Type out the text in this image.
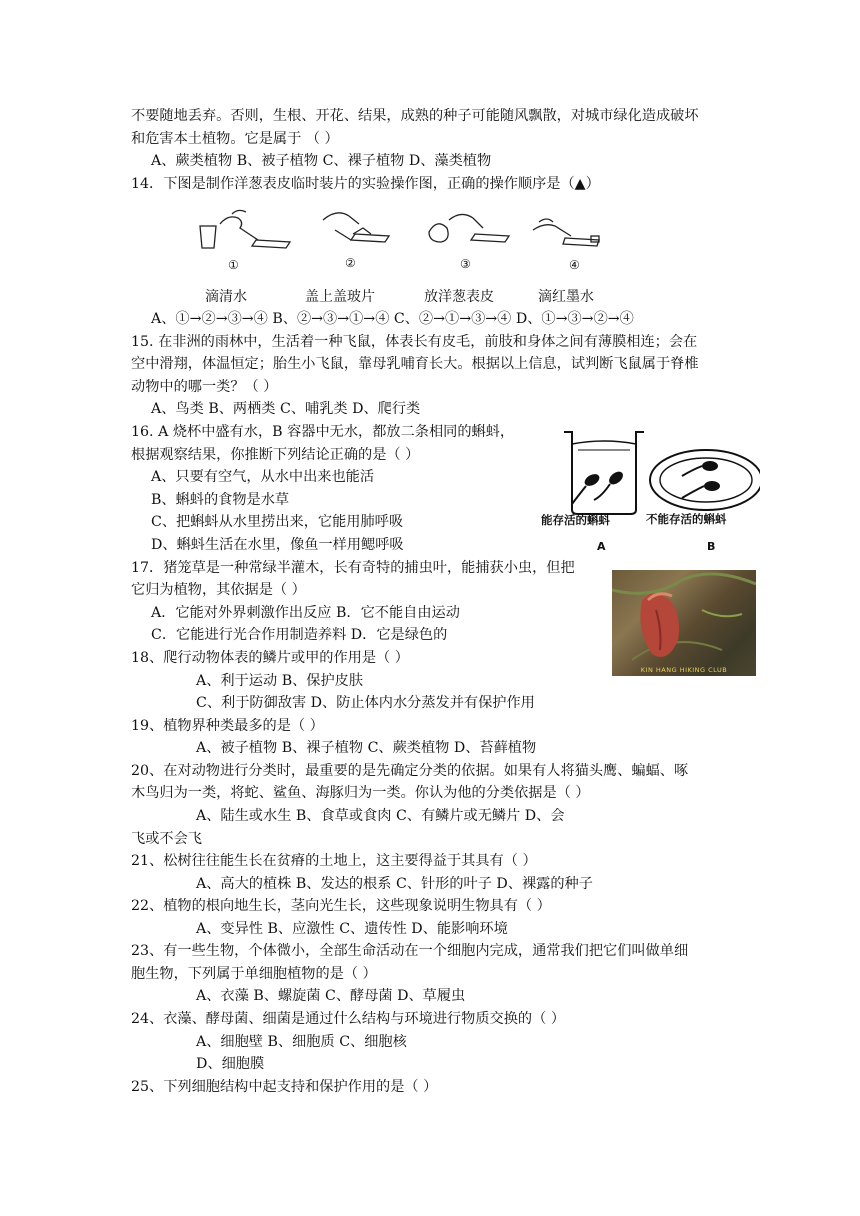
不要随地丢弃。否则，生根、开花、结果，成熟的种子可能随风飘散，对城市绿化造成破坏
和危害本土植物。它是属于 （ ）
A、蕨类植物 B、被子植物 C、裸子植物 D、藻类植物
14．下图是制作洋葱表皮临时装片的实验操作图，正确的操作顺序是（▲）
①	②	③	④
滴清水	盖上盖玻片	放洋葱表皮	滴红墨水
A、①→②→③→④ B、②→③→①→④ C、②→①→③→④ D、①→③→②→④
15. 在非洲的雨林中，生活着一种飞鼠，体表长有皮毛，前肢和身体之间有薄膜相连；会在
空中滑翔，体温恒定；胎生小飞鼠，靠母乳哺育长大。根据以上信息，试判断飞鼠属于脊椎
动物中的哪一类？（ ）
A、鸟类 B、两栖类 C、哺乳类 D、爬行类
16. A 烧杯中盛有水，B 容器中无水，都放二条相同的蝌蚪，
根据观察结果，你推断下列结论正确的是（ ）
A、只要有空气，从水中出来也能活
B、蝌蚪的食物是水草
C、把蝌蚪从水里捞出来，它能用肺呼吸
D、蝌蚪生活在水里，像鱼一样用鳃呼吸
能存活的蝌蚪	不能存活的蝌蚪
A	B
17．猪笼草是一种常绿半灌木，长有奇特的捕虫叶，能捕获小虫，但把
它归为植物，其依据是（ ）
A．它能对外界刺激作出反应 B．它不能自由运动
C．它能进行光合作用制造养料 D．它是绿色的
KIN HANG HIKING CLUB
18、爬行动物体表的鳞片或甲的作用是（ ）
A、利于运动 B、保护皮肤
C、利于防御敌害 D、防止体内水分蒸发并有保护作用
19、植物界种类最多的是（ ）
A、被子植物 B、裸子植物 C、蕨类植物 D、苔藓植物
20、在对动物进行分类时，最重要的是先确定分类的依据。如果有人将猫头鹰、蝙蝠、啄
木鸟归为一类，将蛇、鲨鱼、海豚归为一类。你认为他的分类依据是（ ）
A、陆生或水生 B、食草或食肉 C、有鳞片或无鳞片 D、会
飞或不会飞
21、松树往往能生长在贫瘠的土地上，这主要得益于其具有（ ）
A、高大的植株 B、发达的根系 C、针形的叶子 D、裸露的种子
22、植物的根向地生长，茎向光生长，这些现象说明生物具有（ ）
A、变异性 B、应激性 C、遗传性 D、能影响环境
23、有一些生物，个体微小，全部生命活动在一个细胞内完成，通常我们把它们叫做单细
胞生物，下列属于单细胞植物的是（ ）
A、衣藻 B、螺旋菌 C、酵母菌 D、草履虫
24、衣藻、酵母菌、细菌是通过什么结构与环境进行物质交换的（ ）
A、细胞壁 B、细胞质 C、细胞核
D、细胞膜
25、下列细胞结构中起支持和保护作用的是（ ）
